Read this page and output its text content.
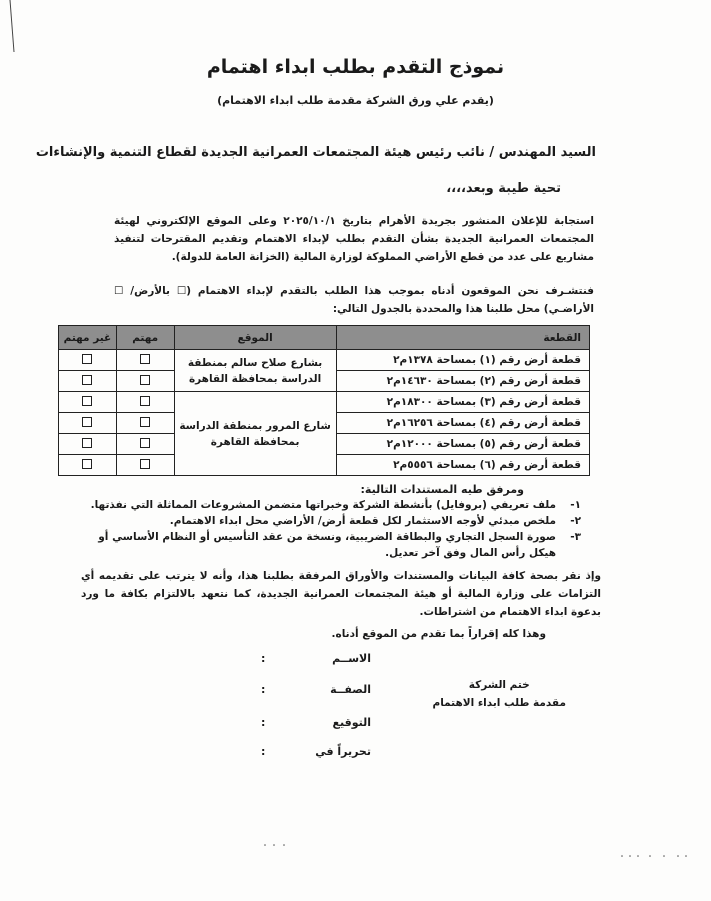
نموذج التقدم بطلب ابداء اهتمام
(يقدم علي ورق الشركة مقدمة طلب ابداء الاهتمام)
السيد المهندس / نائب رئيس هيئة المجتمعات العمرانية الجديدة لقطاع التنمية والإنشاءات
تحية طيبة وبعد،،،،
استجابة للإعلان المنشور بجريدة الأهرام بتاريخ ٢٠٢٥/١٠/١ وعلى الموقع الإلكتروني لهيئة المجتمعات العمرانية الجديدة بشأن التقدم بطلب لإبداء الاهتمام وتقديم المقترحات لتنفيذ مشاريع على عدد من قطع الأراضي المملوكة لوزارة المالية (الخزانة العامة للدولة).
فنتشـرف نحن الموقعون أدناه بموجب هذا الطلب بالتقدم لإبداء الاهتمام (☐ بالأرض/ ☐ الأراضـي) محل طلبنا هذا والمحددة بالجدول التالي:
القطعة	الموقع	مهتم	غير مهتم
قطعة أرض رقم (١) بمساحة ١٣٧٨م٢	بشارع صلاح سالم بمنطقة الدراسة بمحافظة القاهرة		
قطعة أرض رقم (٢) بمساحة ١٤٦٣٠م٢			
قطعة أرض رقم (٣) بمساحة ١٨٣٠٠م٢	شارع المرور بمنطقة الدراسة بمحافظة القاهرة		
قطعة أرض رقم (٤) بمساحة ١٦٢٥٦م٢			
قطعة أرض رقم (٥) بمساحة ١٢٠٠٠م٢			
قطعة أرض رقم (٦) بمساحة ٥٥٥٦م٢			
ومرفق طيه المستندات التالية:
١-
ملف تعريفي (بروفايل) بأنشطة الشركة وخبراتها متضمن المشروعات المماثلة التي نفذتها.
٢-
ملخص مبدئي لأوجه الاستثمار لكل قطعة أرض/ الأراضي محل ابداء الاهتمام.
٣-
صورة السجل التجاري والبطاقة الضريبية، ونسخة من عقد التأسيس أو النظام الأساسي أو هيكل رأس المال وفق آخر تعديل.
وإذ نقر بصحة كافة البيانات والمستندات والأوراق المرفقة بطلبنا هذا، وأنه لا يترتب على تقديمه أي التزامات على وزارة المالية أو هيئة المجتمعات العمرانية الجديدة، كما نتعهد بالالتزام بكافة ما ورد بدعوة ابداء الاهتمام من اشتراطات.
وهذا كله إقراراً بما تقدم من الموقع أدناه.
الاســم
:
الصفــة
:
التوقيع
:
تحريراً في
:
ختم الشركة
مقدمة طلب ابداء الاهتمام
